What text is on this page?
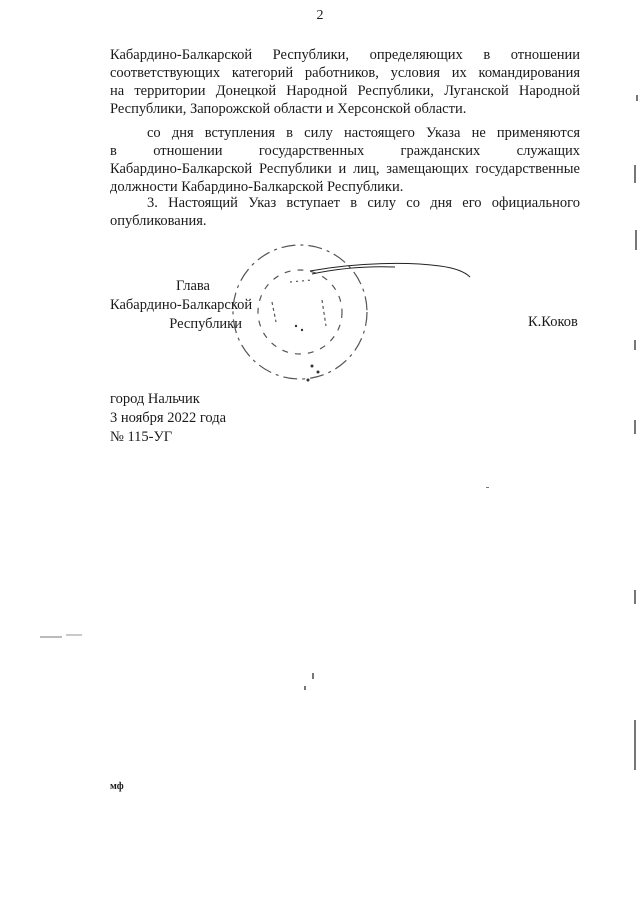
2
Кабардино-Балкарской Республики, определяющих в отношении
соответствующих категорий работников, условия их командирования
на территории Донецкой Народной Республики, Луганской Народной
Республики, Запорожской области и Херсонской области.
со дня вступления в силу настоящего Указа не применяются
в отношении государственных гражданских служащих
Кабардино-Балкарской Республики и лиц, замещающих государственные
должности Кабардино-Балкарской Республики.
3. Настоящий Указ вступает в силу со дня его официального
опубликования.
Глава
Кабардино-Балкарской
Республики	К.Коков
город Нальчик
3 ноября 2022 года
№ 115-УГ
мф
